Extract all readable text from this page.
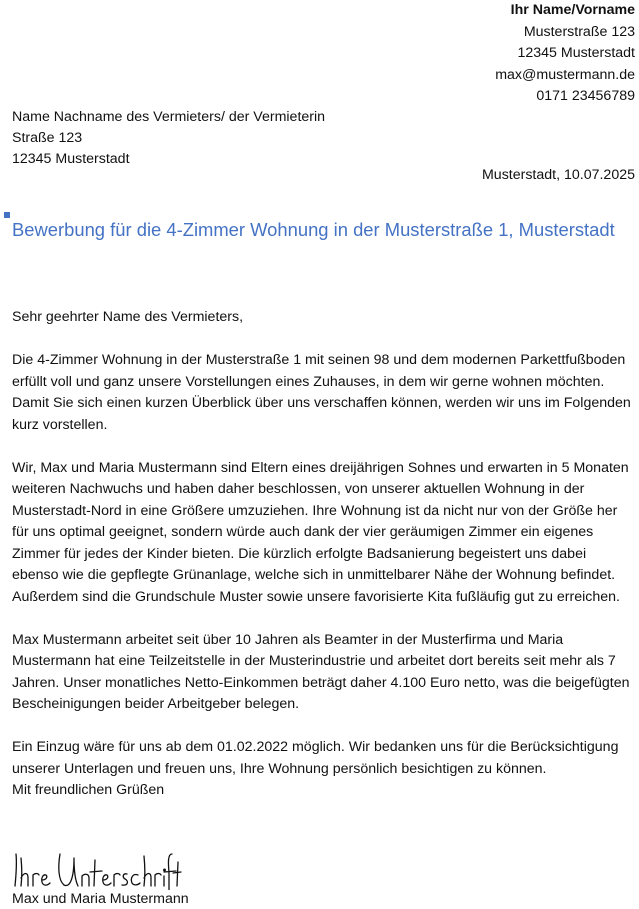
Ihr Name/Vorname
Musterstraße 123
12345 Musterstadt
max@mustermann.de
0171 23456789
Name Nachname des Vermieters/ der Vermieterin
Straße 123
12345 Musterstadt
Musterstadt, 10.07.2025
Bewerbung für die 4-Zimmer Wohnung in der Musterstraße 1, Musterstadt

Sehr geehrter Name des Vermieters,

Die 4-Zimmer Wohnung in der Musterstraße 1 mit seinen 98 und dem modernen Parkettfußboden erfüllt voll und ganz unsere Vorstellungen eines Zuhauses, in dem wir gerne wohnen möchten. Damit Sie sich einen kurzen Überblick über uns verschaffen können, werden wir uns im Folgenden kurz vorstellen.

Wir, Max und Maria Mustermann sind Eltern eines dreijährigen Sohnes und erwarten in 5 Monaten weiteren Nachwuchs und haben daher beschlossen, von unserer aktuellen Wohnung in der Musterstadt-Nord in eine Größere umzuziehen. Ihre Wohnung ist da nicht nur von der Größe her für uns optimal geeignet, sondern würde auch dank der vier geräumigen Zimmer ein eigenes Zimmer für jedes der Kinder bieten. Die kürzlich erfolgte Badsanierung begeistert uns dabei ebenso wie die gepflegte Grünanlage, welche sich in unmittelbarer Nähe der Wohnung befindet. Außerdem sind die Grundschule Muster sowie unsere favorisierte Kita fußläufig gut zu erreichen.

Max Mustermann arbeitet seit über 10 Jahren als Beamter in der Musterfirma und Maria Mustermann hat eine Teilzeitstelle in der Musterindustrie und arbeitet dort bereits seit mehr als 7 Jahren. Unser monatliches Netto-Einkommen beträgt daher 4.100 Euro netto, was die beigefügten Bescheinigungen beider Arbeitgeber belegen.

Ein Einzug wäre für uns ab dem 01.02.2022 möglich. Wir bedanken uns für die Berücksichtigung unserer Unterlagen und freuen uns, Ihre Wohnung persönlich besichtigen zu können.

Mit freundlichen Grüßen

Max und Maria Mustermann
